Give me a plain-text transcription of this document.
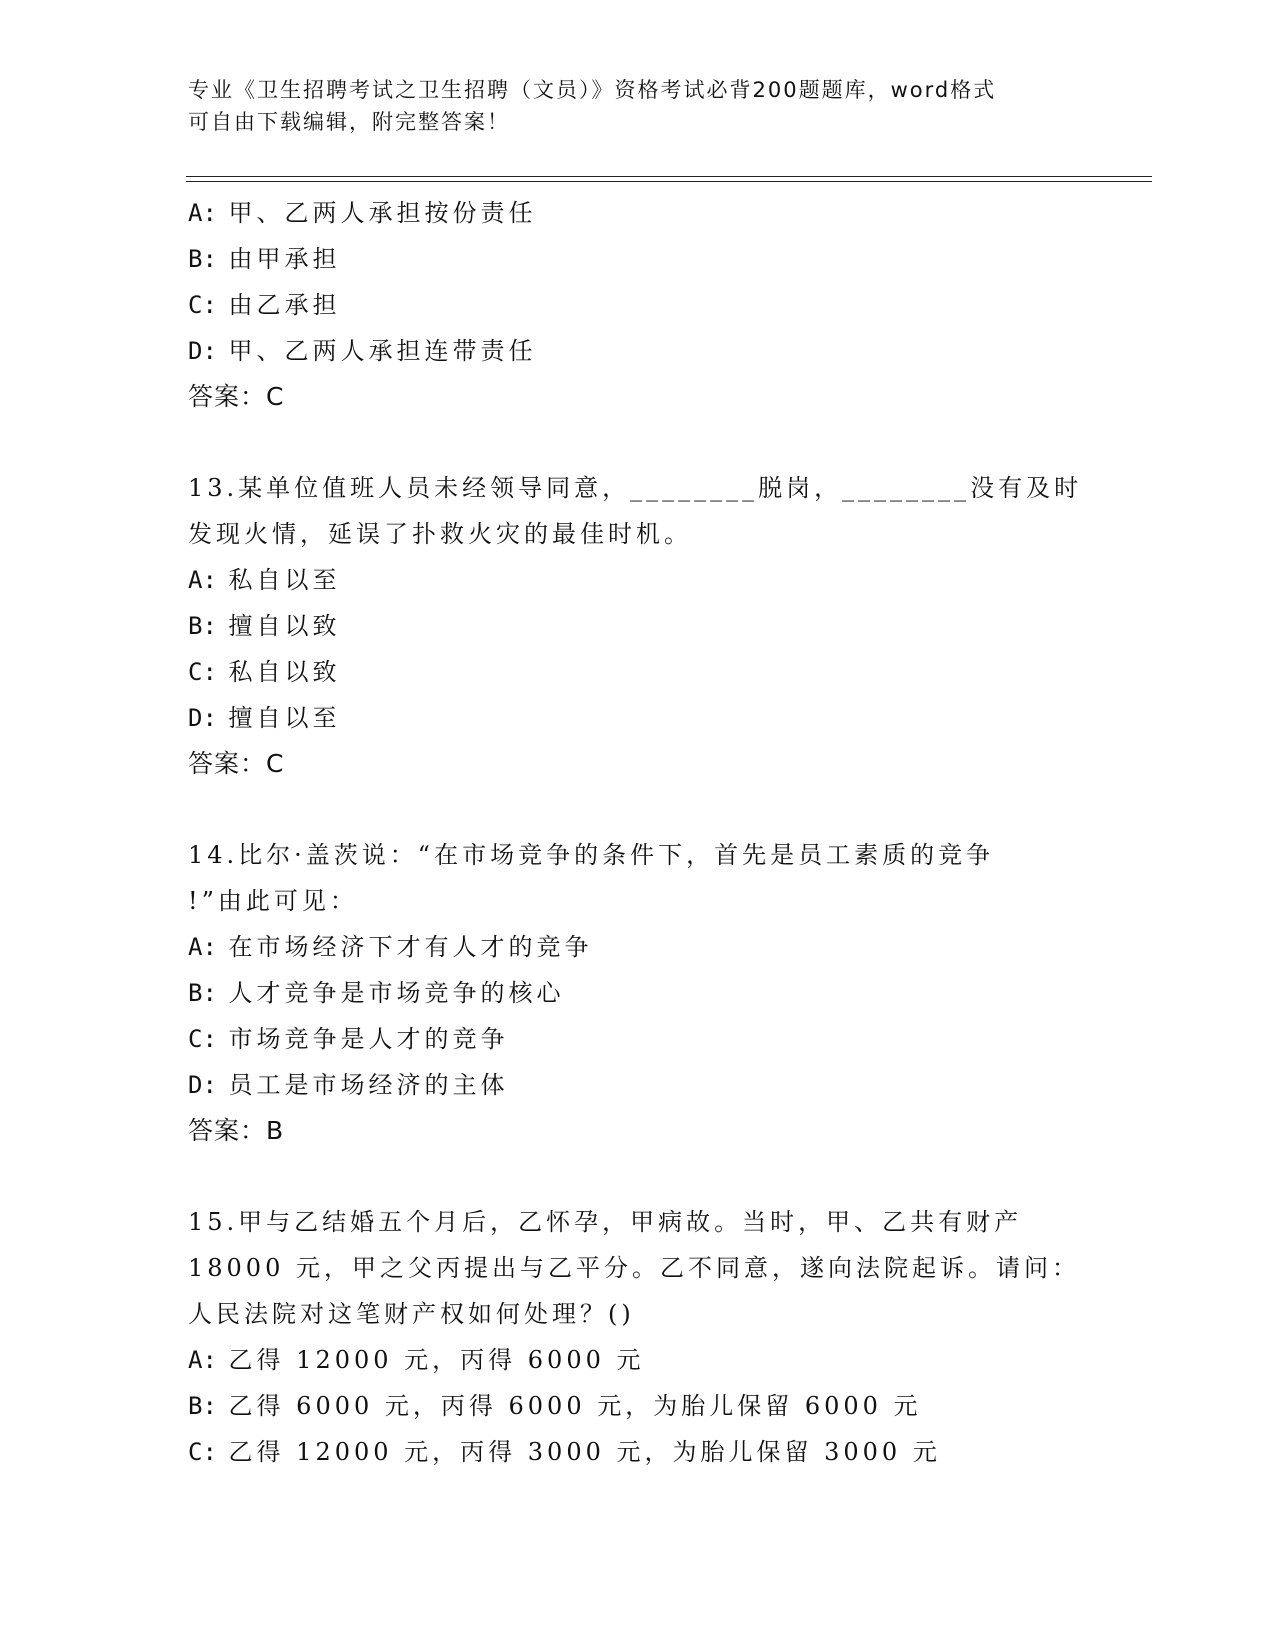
专业《卫生招聘考试之卫生招聘（文员）》资格考试必背200题题库，word格式
可自由下载编辑，附完整答案！
A: 甲、乙两人承担按份责任
B: 由甲承担
C: 由乙承担
D: 甲、乙两人承担连带责任
答案：C
13.某单位值班人员未经领导同意，________脱岗，________没有及时
发现火情，延误了扑救火灾的最佳时机。
A: 私自以至
B: 擅自以致
C: 私自以致
D: 擅自以至
答案：C
14.比尔·盖茨说：“在市场竞争的条件下，首先是员工素质的竞争
!”由此可见：
A: 在市场经济下才有人才的竞争
B: 人才竞争是市场竞争的核心
C: 市场竞争是人才的竞争
D: 员工是市场经济的主体
答案：B
15.甲与乙结婚五个月后，乙怀孕，甲病故。当时，甲、乙共有财产
18000 元，甲之父丙提出与乙平分。乙不同意，遂向法院起诉。请问：
人民法院对这笔财产权如何处理？()
A: 乙得 12000 元，丙得 6000 元
B: 乙得 6000 元，丙得 6000 元，为胎儿保留 6000 元
C: 乙得 12000 元，丙得 3000 元，为胎儿保留 3000 元
